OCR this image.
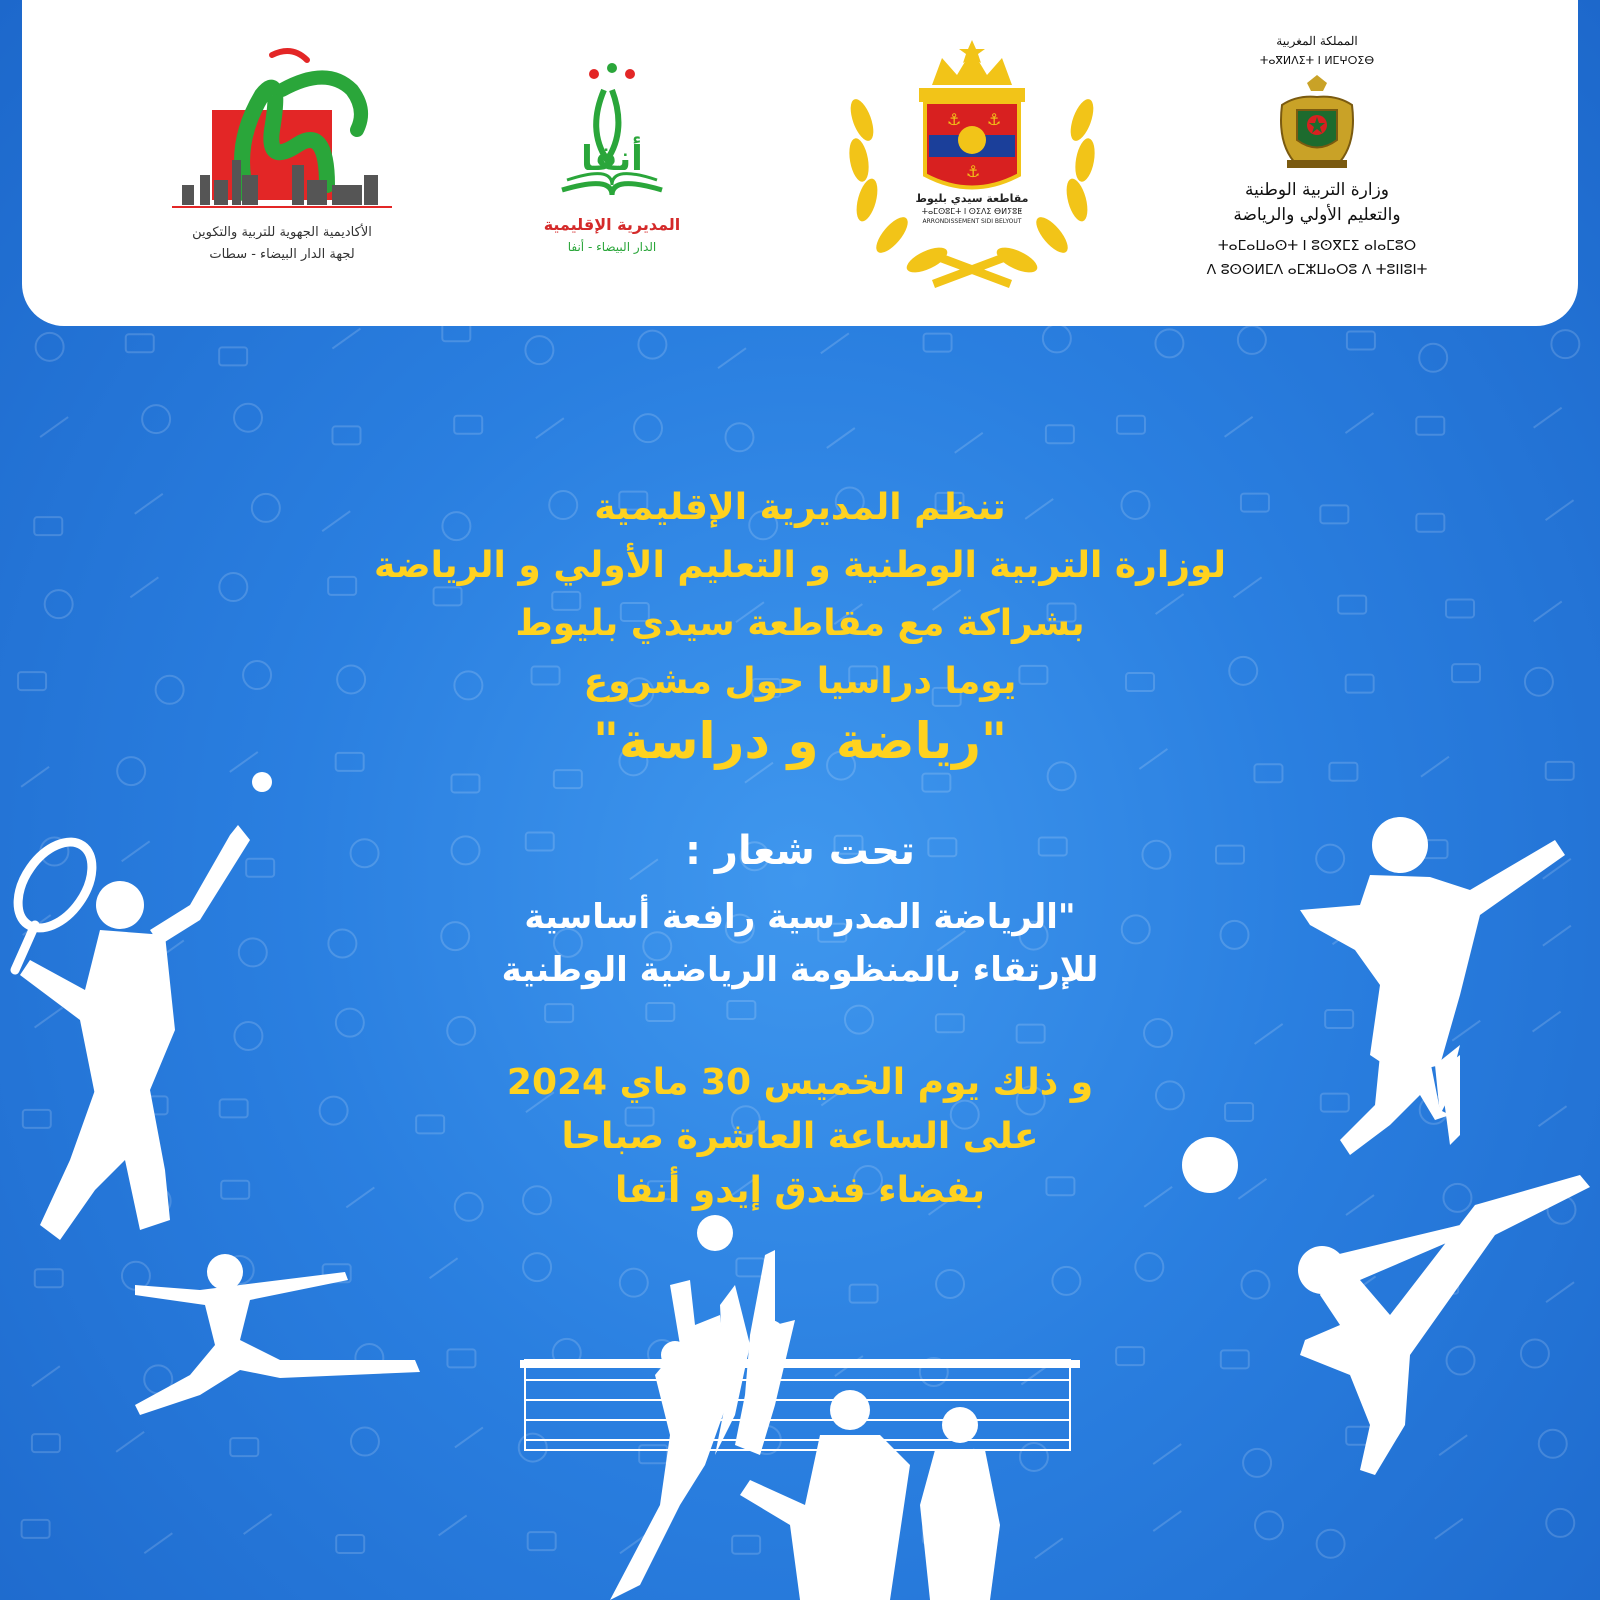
الأكاديمية الجهوية للتربية والتكوين
لجهة الدار البيضاء - سطات
أنفا
المديرية الإقليمية
الدار البيضاء - أنفا
⚓ ⚓
⚓
مقاطعة سيدي بليوط
ⵜⴰⵎⵙⵓⵎⵜ ⵏ ⵙⵉⴷⵉ ⴱⵍⵢⵓⵟ
ARRONDISSEMENT SIDI BELYOUT
المملكة المغربية
ⵜⴰⴳⵍⴷⵉⵜ ⵏ ⵍⵎⵖⵔⵉⴱ
وزارة التربية الوطنية
والتعليم الأولي والرياضة
ⵜⴰⵎⴰⵡⴰⵙⵜ ⵏ ⵓⵙⴳⵎⵉ ⴰⵏⴰⵎⵓⵔ
ⴷ ⵓⵙⵙⵍⵎⴷ ⴰⵎⵣⵡⴰⵔⵓ ⴷ ⵜⵓⵏⵏⵓⵏⵜ
تنظم المديرية الإقليمية
لوزارة التربية الوطنية و التعليم الأولي و الرياضة
بشراكة مع مقاطعة سيدي بليوط
يوما دراسيا حول مشروع
"رياضة و دراسة"
تحت شعار :
"الرياضة المدرسية رافعة أساسية
للإرتقاء بالمنظومة الرياضية الوطنية
و ذلك يوم الخميس 30 ماي 2024
على الساعة العاشرة صباحا
بفضاء فندق إيدو أنفا
